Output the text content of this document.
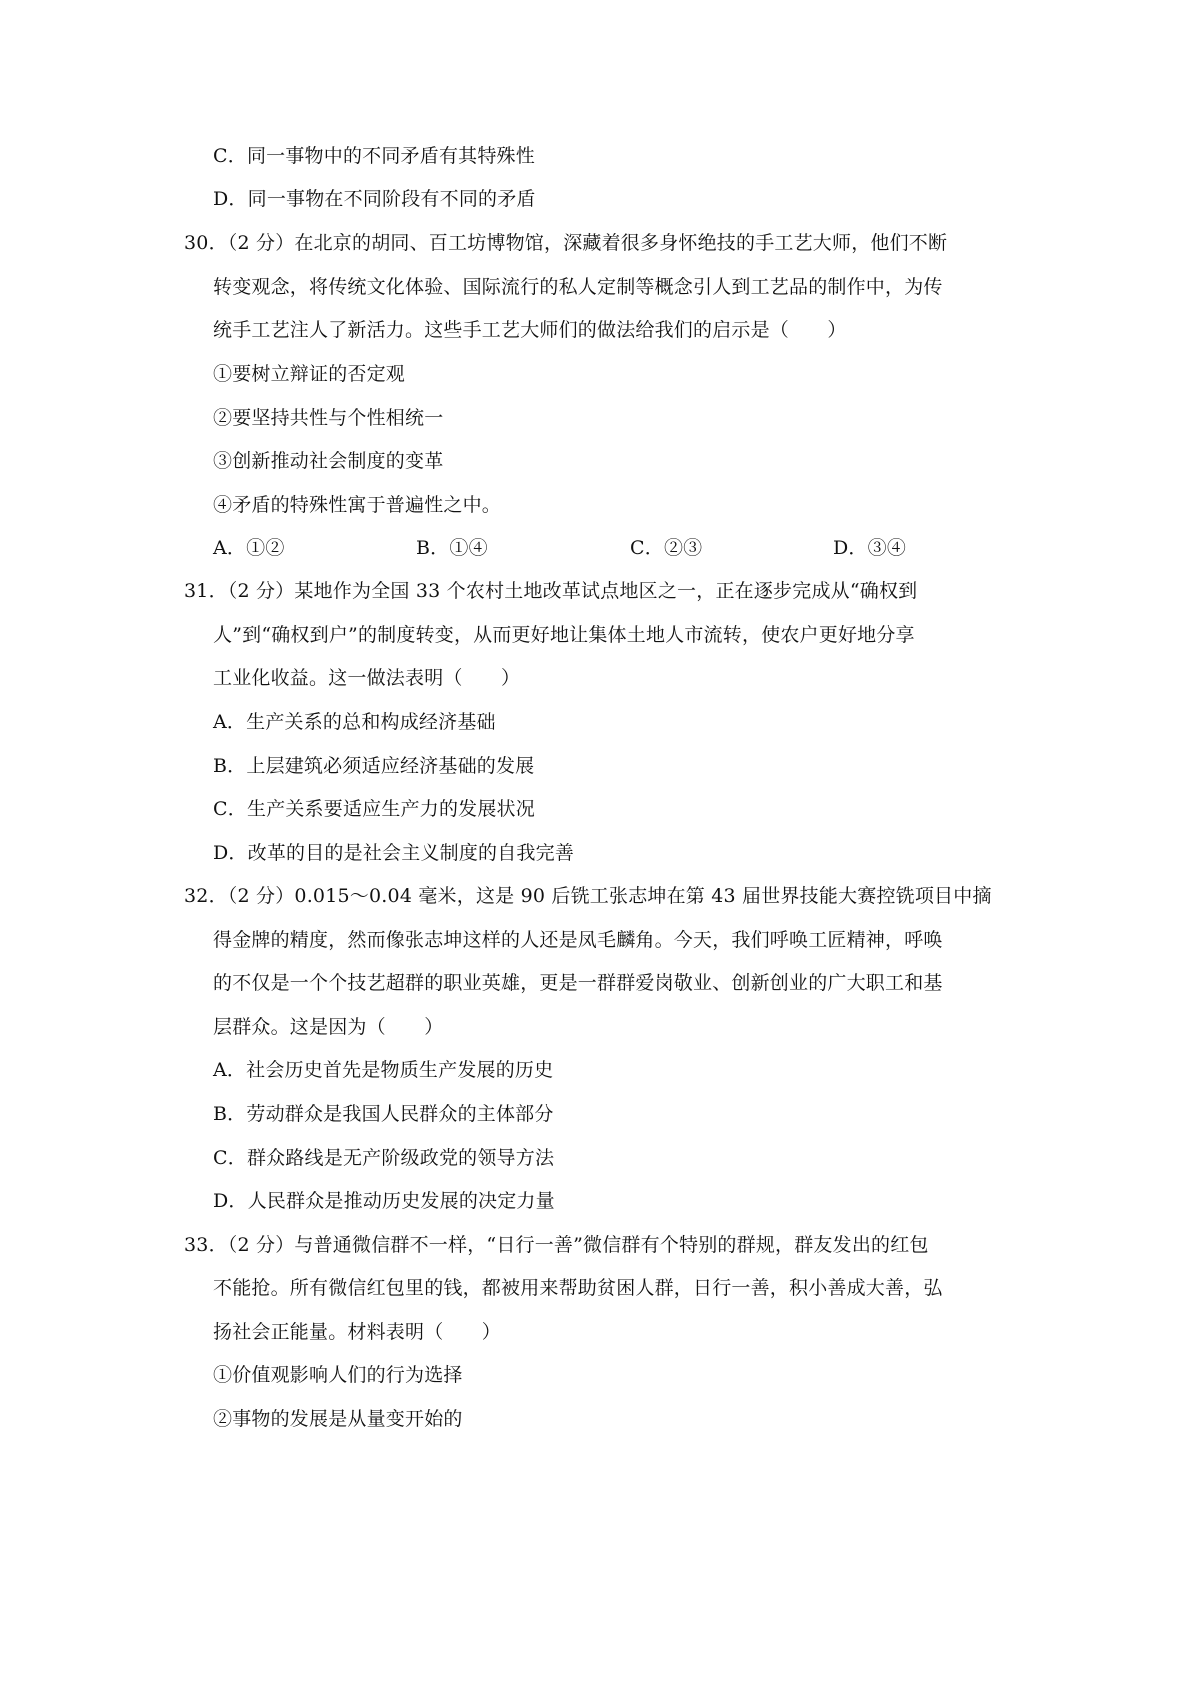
C．同一事物中的不同矛盾有其特殊性
D．同一事物在不同阶段有不同的矛盾
30．（2 分）在北京的胡同、百工坊博物馆，深藏着很多身怀绝技的手工艺大师，他们不断
转变观念，将传统文化体验、国际流行的私人定制等概念引人到工艺品的制作中，为传
统手工艺注人了新活力。这些手工艺大师们的做法给我们的启示是（　　）
①要树立辩证的否定观
②要坚持共性与个性相统一
③创新推动社会制度的变革
④矛盾的特殊性寓于普遍性之中。
A．①②	B．①④	C．②③	D．③④
31．（2 分）某地作为全国 33 个农村土地改革试点地区之一，正在逐步完成从“确权到
人”到“确权到户”的制度转变，从而更好地让集体土地人市流转，使农户更好地分享
工业化收益。这一做法表明（　　）
A．生产关系的总和构成经济基础
B．上层建筑必须适应经济基础的发展
C．生产关系要适应生产力的发展状况
D．改革的目的是社会主义制度的自我完善
32．（2 分）0.015～0.04 毫米，这是 90 后铣工张志坤在第 43 届世界技能大赛控铣项目中摘
得金牌的精度，然而像张志坤这样的人还是凤毛麟角。今天，我们呼唤工匠精神，呼唤
的不仅是一个个技艺超群的职业英雄，更是一群群爱岗敬业、创新创业的广大职工和基
层群众。这是因为（　　）
A．社会历史首先是物质生产发展的历史
B．劳动群众是我国人民群众的主体部分
C．群众路线是无产阶级政党的领导方法
D．人民群众是推动历史发展的决定力量
33．（2 分）与普通微信群不一样，“日行一善”微信群有个特别的群规，群友发出的红包
不能抢。所有微信红包里的钱，都被用来帮助贫困人群，日行一善，积小善成大善，弘
扬社会正能量。材料表明（　　）
①价值观影响人们的行为选择
②事物的发展是从量变开始的
